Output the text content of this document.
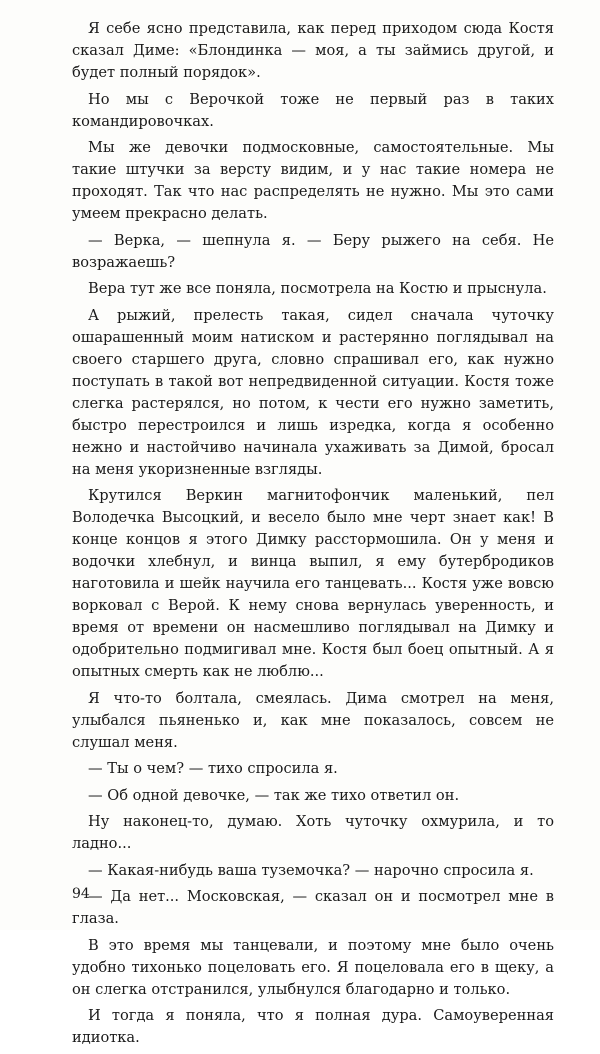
Я себе ясно представила, как перед приходом сюда Костя сказал Диме: «Блондинка — моя, а ты займись другой, и будет полный порядок».

Но мы с Верочкой тоже не первый раз в таких командировочках.

Мы же девочки подмосковные, самостоятельные. Мы такие штучки за версту видим, и у нас такие номера не проходят. Так что нас распределять не нужно. Мы это сами умеем прекрасно делать.

— Верка, — шепнула я. — Беру рыжего на себя. Не возражаешь?

Вера тут же все поняла, посмотрела на Костю и прыснула.

А рыжий, прелесть такая, сидел сначала чуточку ошарашенный моим натиском и растерянно поглядывал на своего старшего друга, словно спрашивал его, как нужно поступать в такой вот непредвиденной ситуации. Костя тоже слегка растерялся, но потом, к чести его нужно заметить, быстро перестроился и лишь изредка, когда я особенно нежно и настойчиво начинала ухаживать за Димой, бросал на меня укоризненные взгляды.

Крутился Веркин магнитофончик маленький, пел Володечка Высоцкий, и весело было мне черт знает как! В конце концов я этого Димку расстормошила. Он у меня и водочки хлебнул, и винца выпил, я ему бутербродиков наготовила и шейк научила его танцевать... Костя уже вовсю ворковал с Верой. К нему снова вернулась уверенность, и время от времени он насмешливо поглядывал на Димку и одобрительно подмигивал мне. Костя был боец опытный. А я опытных смерть как не люблю...

Я что-то болтала, смеялась. Дима смотрел на меня, улыбался пьяненько и, как мне показалось, совсем не слушал меня.

— Ты о чем? — тихо спросила я.

— Об одной девочке, — так же тихо ответил он.

Ну наконец-то, думаю. Хоть чуточку охмурила, и то ладно...

— Какая-нибудь ваша туземочка? — нарочно спросила я.

— Да нет... Московская, — сказал он и посмотрел мне в глаза.

В это время мы танцевали, и поэтому мне было очень удобно тихонько поцеловать его. Я поцеловала его в щеку, а он слегка отстранился, улыбнулся благодарно и только.

И тогда я поняла, что я полная дура. Самоуверенная идиотка.

94
